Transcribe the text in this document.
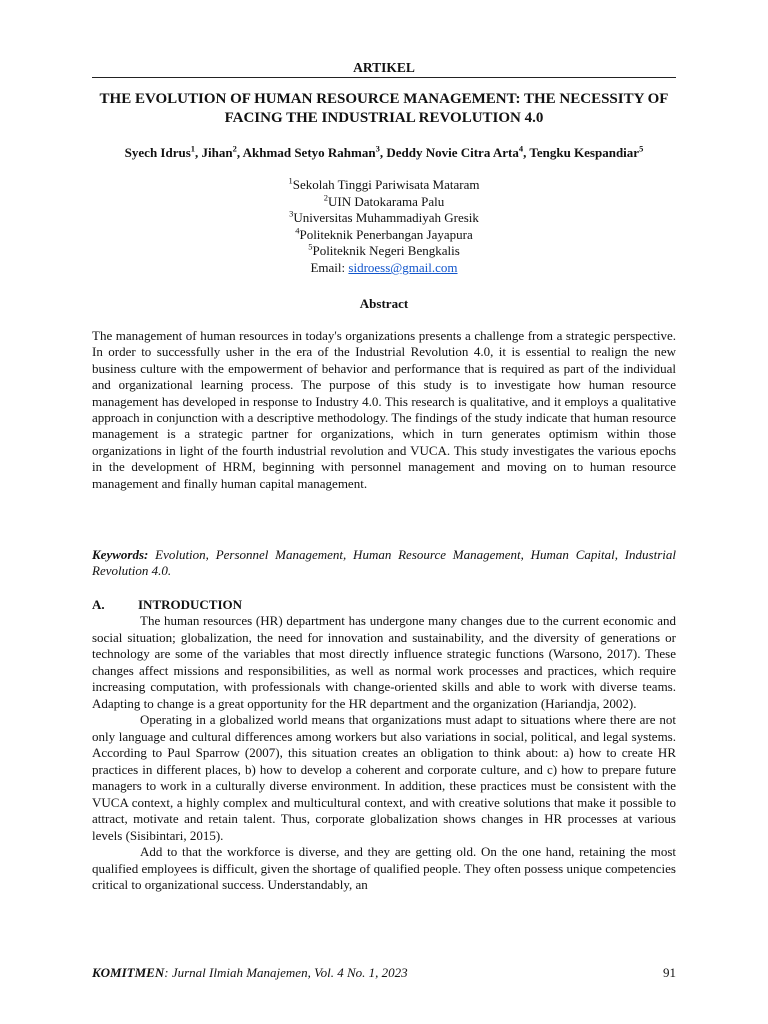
ARTIKEL
THE EVOLUTION OF HUMAN RESOURCE MANAGEMENT: THE NECESSITY OF FACING THE INDUSTRIAL REVOLUTION 4.0
Syech Idrus$^1$, Jihan$^2$, Akhmad Setyo Rahman$^3$, Deddy Novie Citra Arta$^4$, Tengku Kespandiar$^5$
$^1$Sekolah Tinggi Pariwisata Mataram
$^2$UIN Datokarama Palu
$^3$Universitas Muhammadiyah Gresik
$^4$Politeknik Penerbangan Jayapura
$^5$Politeknik Negeri Bengkalis
Email: sidroess@gmail.com
Abstract
The management of human resources in today's organizations presents a challenge from a strategic perspective. In order to successfully usher in the era of the Industrial Revolution 4.0, it is essential to realign the new business culture with the empowerment of behavior and performance that is required as part of the individual and organizational learning process. The purpose of this study is to investigate how human resource management has developed in response to Industry 4.0. This research is qualitative, and it employs a qualitative approach in conjunction with a descriptive methodology. The findings of the study indicate that human resource management is a strategic partner for organizations, which in turn generates optimism within those organizations in light of the fourth industrial revolution and VUCA. This study investigates the various epochs in the development of HRM, beginning with personnel management and moving on to human resource management and finally human capital management.
Keywords: Evolution, Personnel Management, Human Resource Management, Human Capital, Industrial Revolution 4.0.
A.	INTRODUCTION

The human resources (HR) department has undergone many changes due to the current economic and social situation; globalization, the need for innovation and sustainability, and the diversity of generations or technology are some of the variables that most directly influence strategic functions (Warsono, 2017). These changes affect missions and responsibilities, as well as normal work processes and practices, which require increasing computation, with professionals with change-oriented skills and able to work with diverse teams. Adapting to change is a great opportunity for the HR department and the organization (Hariandja, 2002).

Operating in a globalized world means that organizations must adapt to situations where there are not only language and cultural differences among workers but also variations in social, political, and legal systems. According to Paul Sparrow (2007), this situation creates an obligation to think about: a) how to create HR practices in different places, b) how to develop a coherent and corporate culture, and c) how to prepare future managers to work in a culturally diverse environment. In addition, these practices must be consistent with the VUCA context, a highly complex and multicultural context, and with creative solutions that make it possible to attract, motivate and retain talent. Thus, corporate globalization shows changes in HR processes at various levels (Sisibintari, 2015).

Add to that the workforce is diverse, and they are getting old. On the one hand, retaining the most qualified employees is difficult, given the shortage of qualified people. They often possess unique competencies critical to organizational success. Understandably, an

KOMITMEN: Jurnal Ilmiah Manajemen, Vol. 4 No. 1, 2023	91
